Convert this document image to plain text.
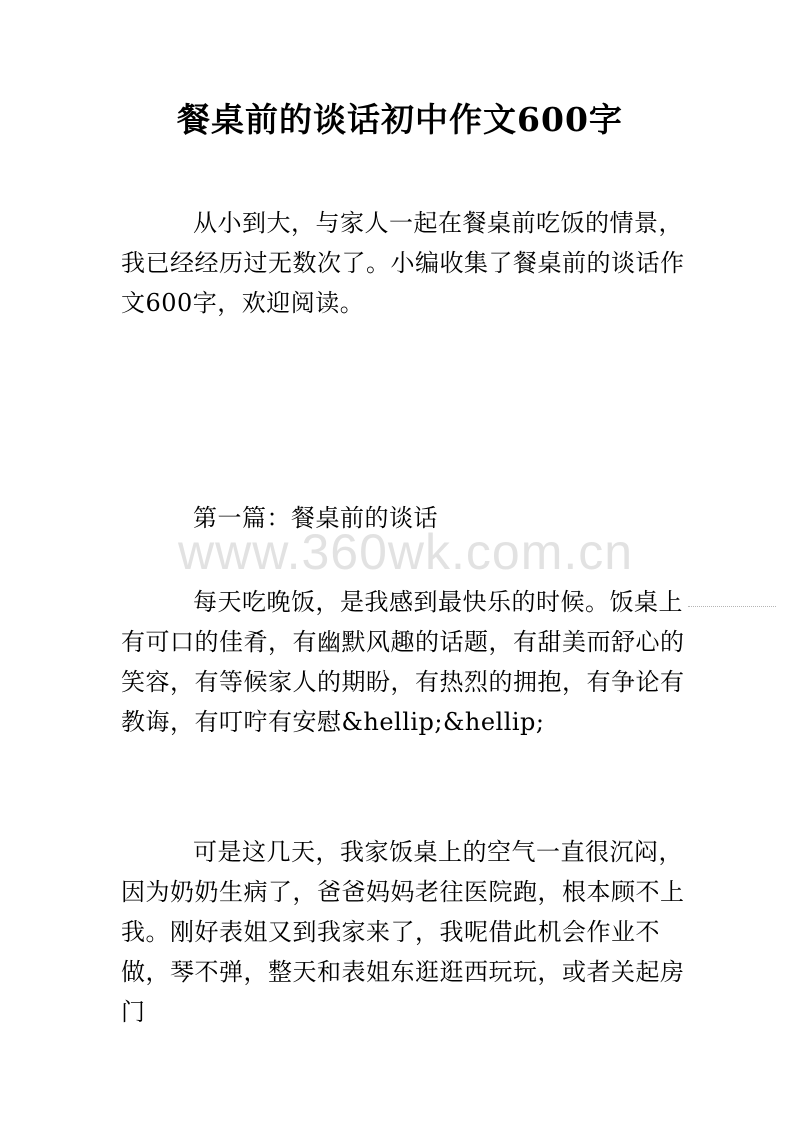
餐桌前的谈话初中作文600字

从小到大，与家人一起在餐桌前吃饭的情景，我已经经历过无数次了。小编收集了餐桌前的谈话作文600字，欢迎阅读。

第一篇：餐桌前的谈话
www.360wk.com.cn

每天吃晚饭，是我感到最快乐的时候。饭桌上有可口的佳肴，有幽默风趣的话题，有甜美而舒心的笑容，有等候家人的期盼，有热烈的拥抱，有争论有教诲，有叮咛有安慰&hellip;&hellip;

可是这几天，我家饭桌上的空气一直很沉闷，因为奶奶生病了，爸爸妈妈老往医院跑，根本顾不上我。刚好表姐又到我家来了，我呢借此机会作业不做，琴不弹，整天和表姐东逛逛西玩玩，或者关起房门
